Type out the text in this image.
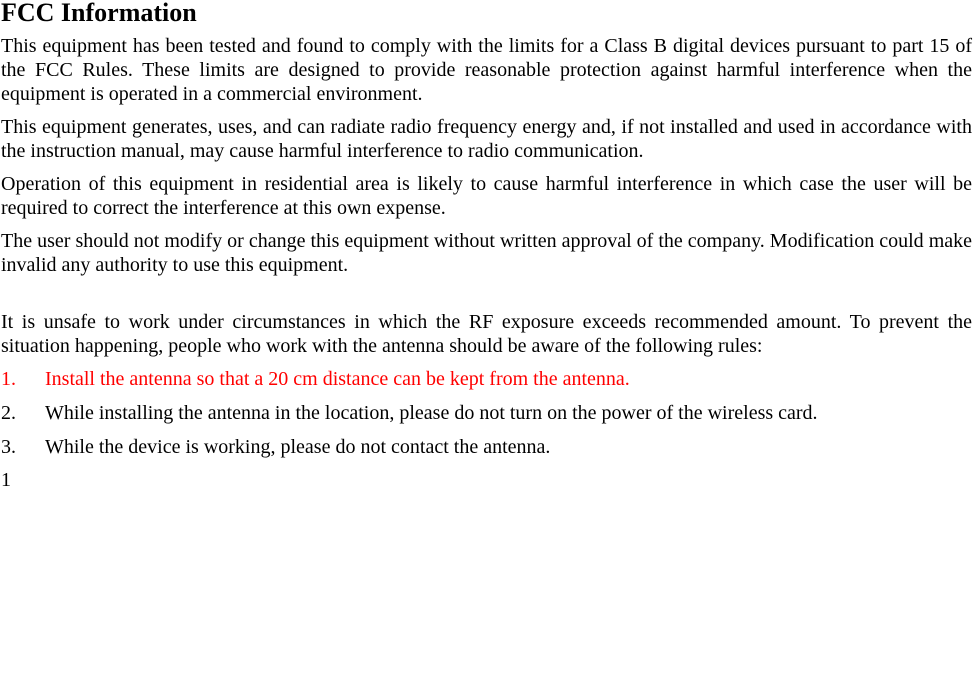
FCC Information

This equipment has been tested and found to comply with the limits for a Class B digital devices pursuant to part 15 of the FCC Rules. These limits are designed to provide reasonable protection against harmful interference when the equipment is operated in a commercial environment.

This equipment generates, uses, and can radiate radio frequency energy and, if not installed and used in accordance with the instruction manual, may cause harmful interference to radio communication.

Operation of this equipment in residential area is likely to cause harmful interference in which case the user will be required to correct the interference at this own expense.

The user should not modify or change this equipment without written approval of the company. Modification could make invalid any authority to use this equipment.

It is unsafe to work under circumstances in which the RF exposure exceeds recommended amount. To prevent the situation happening, people who work with the antenna should be aware of the following rules:

1. Install the antenna so that a 20 cm distance can be kept from the antenna.
2. While installing the antenna in the location, please do not turn on the power of the wireless card.
3. While the device is working, please do not contact the antenna.
1
